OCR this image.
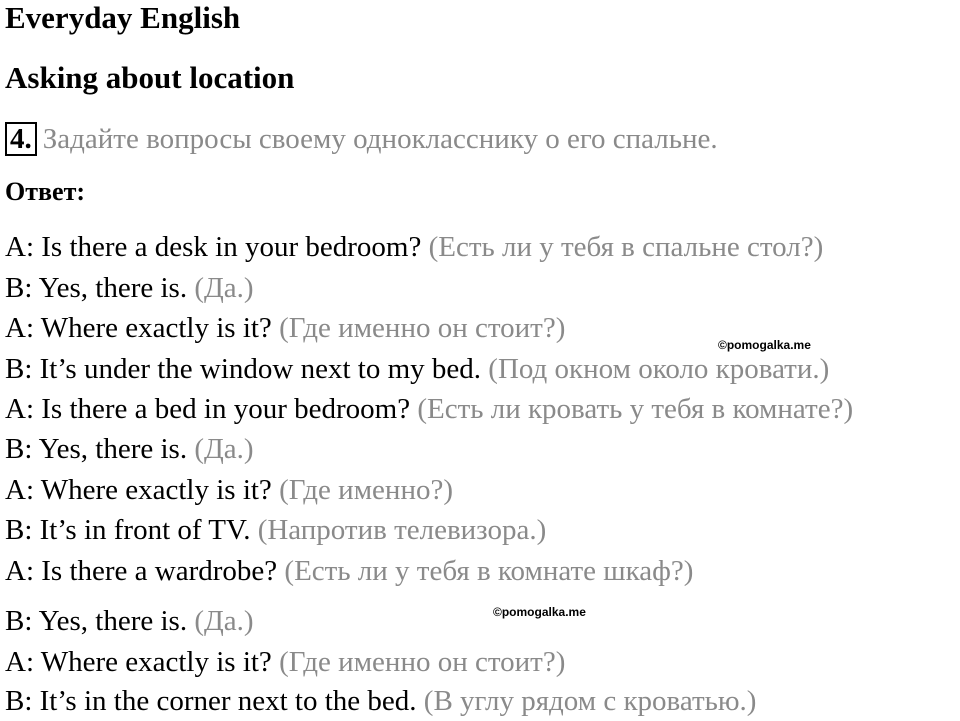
Everyday English
Asking about location
4. Задайте вопросы своему однокласснику о его спальне.
Ответ:
A: Is there a desk in your bedroom? (Есть ли у тебя в спальне стол?)
B: Yes, there is. (Да.)
A: Where exactly is it? (Где именно он стоит?)
B: It’s under the window next to my bed. (Под окном около кровати.)
A: Is there a bed in your bedroom? (Есть ли кровать у тебя в комнате?)
B: Yes, there is. (Да.)
A: Where exactly is it? (Где именно?)
B: It’s in front of TV. (Напротив телевизора.)
A: Is there a wardrobe? (Есть ли у тебя в комнате шкаф?)
B: Yes, there is. (Да.)
A: Where exactly is it? (Где именно он стоит?)
B: It’s in the corner next to the bed. (В углу рядом с кроватью.)
©pomogalka.me
©pomogalka.me
